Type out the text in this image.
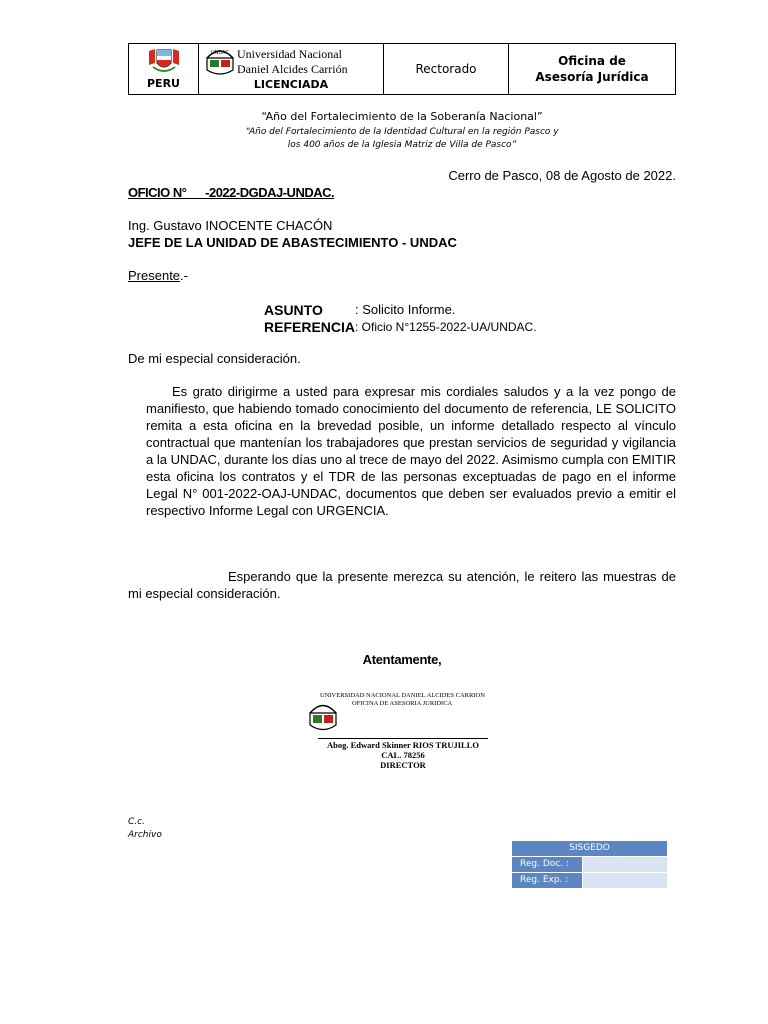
PERU
UNDAC Universidad Nacional
Daniel Alcides Carrión
LICENCIADA
Rectorado
Oficina de Asesoría Jurídica
“Año del Fortalecimiento de la Soberanía Nacional”
“Año del Fortalecimiento de la Identidad Cultural en la región Pasco y
los 400 años de la Iglesia Matriz de Villa de Pasco”
Cerro de Pasco, 08 de Agosto de 2022.
OFICIO N°      -2022-DGDAJ-UNDAC.
Ing. Gustavo INOCENTE CHACÓN
JEFE DE LA UNIDAD DE ABASTECIMIENTO - UNDAC
Presente.-
ASUNTO : Solicito Informe.
REFERENCIA : Oficio N°1255-2022-UA/UNDAC.
De mi especial consideración.
Es grato dirigirme a usted para expresar mis cordiales saludos y a la vez pongo de manifiesto, que habiendo tomado conocimiento del documento de referencia, LE SOLICITO remita a esta oficina en la brevedad posible, un informe detallado respecto al vínculo contractual que mantenían los trabajadores que prestan servicios de seguridad y vigilancia a la UNDAC, durante los días uno al trece de mayo del 2022. Asimismo cumpla con EMITIR esta oficina los contratos y el TDR de las personas exceptuadas de pago en el informe Legal N° 001-2022-OAJ-UNDAC, documentos que deben ser evaluados previo a emitir el respectivo Informe Legal con URGENCIA.
Esperando que la presente merezca su atención, le reitero las muestras de mi especial consideración.
Atentamente,
UNIVERSIDAD NACIONAL DANIEL ALCIDES CARRION
OFICINA DE ASESORIA JURIDICA
Abog. Edward Skinner RIOS TRUJILLO
CAL. 78256
DIRECTOR
C.c.
Archivo
SISGEDO
Reg. Doc. :
Reg. Exp. :
